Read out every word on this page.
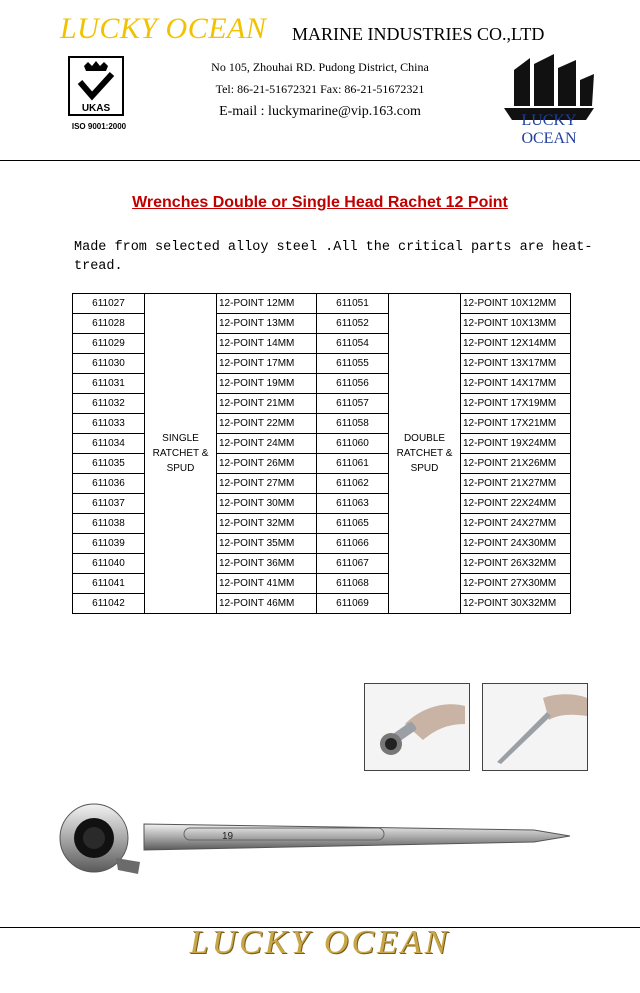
LUCKY OCEAN MARINE INDUSTRIES CO.,LTD
No 105, Zhouhai RD. Pudong District, China
Tel: 86-21-51672321 Fax: 86-21-51672321
E-mail : luckymarine@vip.163.com
UKAS
ISO 9001:2000	LUCKY OCEAN
Wrenches Double or Single Head Rachet 12 Point
Made from selected alloy steel .All the critical parts are heat-tread.
611027	SINGLE RATCHET & SPUD	12-POINT 12MM	611051	DOUBLE RATCHET & SPUD	12-POINT 10X12MM
611028		12-POINT 13MM	611052		12-POINT 10X13MM
611029		12-POINT 14MM	611054		12-POINT 12X14MM
611030		12-POINT 17MM	611055		12-POINT 13X17MM
611031		12-POINT 19MM	611056		12-POINT 14X17MM
611032		12-POINT 21MM	611057		12-POINT 17X19MM
611033		12-POINT 22MM	611058		12-POINT 17X21MM
611034		12-POINT 24MM	611060		12-POINT 19X24MM
611035		12-POINT 26MM	611061		12-POINT 21X26MM
611036		12-POINT 27MM	611062		12-POINT 21X27MM
611037		12-POINT 30MM	611063		12-POINT 22X24MM
611038		12-POINT 32MM	611065		12-POINT 24X27MM
611039		12-POINT 35MM	611066		12-POINT 24X30MM
611040		12-POINT 36MM	611067		12-POINT 26X32MM
611041		12-POINT 41MM	611068		12-POINT 27X30MM
611042		12-POINT 46MM	611069		12-POINT 30X32MM
19
LUCKY OCEAN
